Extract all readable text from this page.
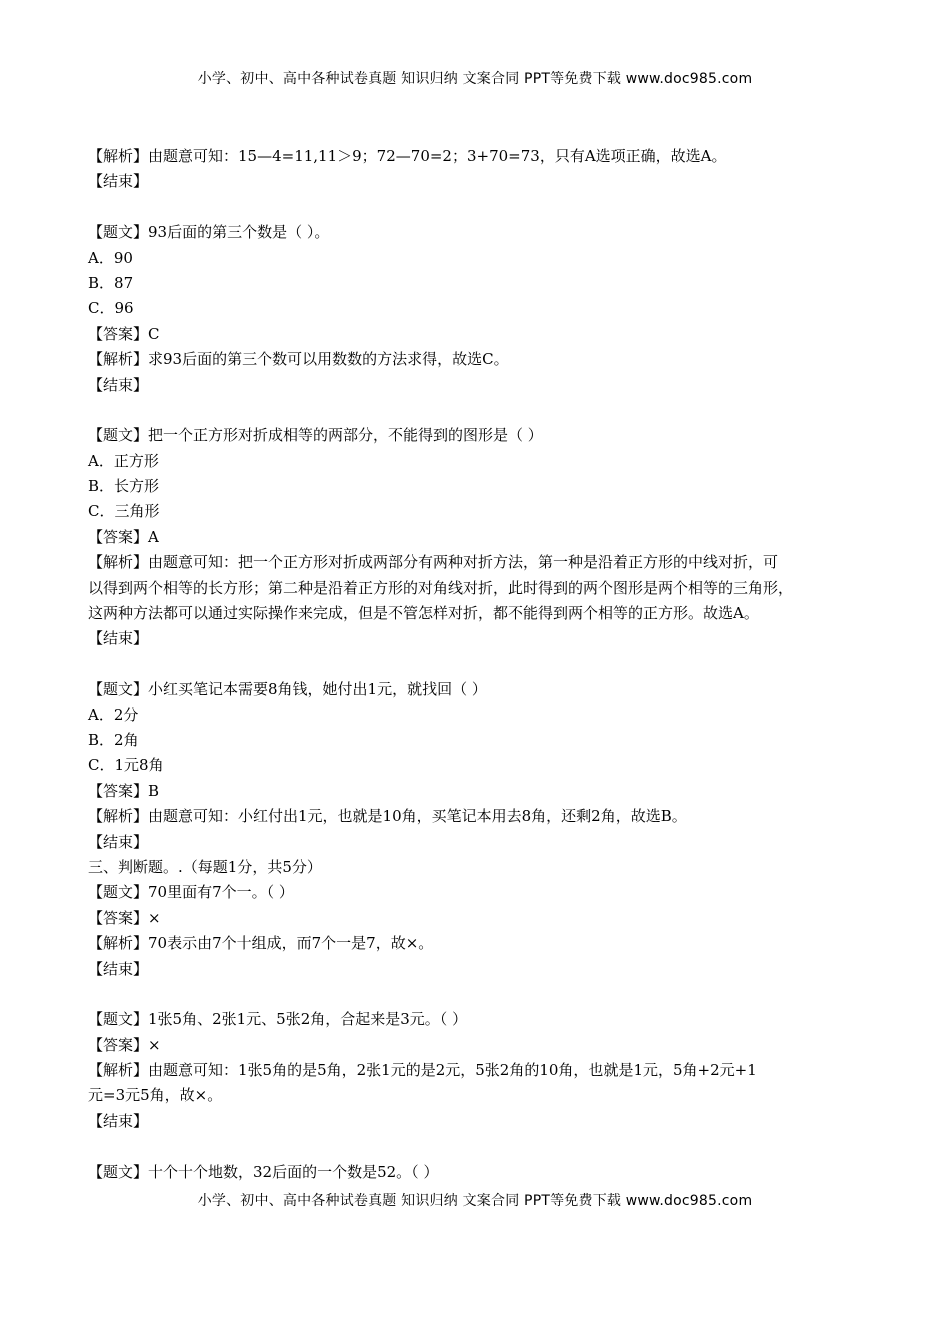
小学、初中、高中各种试卷真题 知识归纳 文案合同 PPT等免费下载 www.doc985.com
【解析】由题意可知：15—4=11,11＞9；72—70=2；3+70=73，只有A选项正确，故选A。
【结束】
【题文】93后面的第三个数是（ ）。
A．90
B．87
C．96
【答案】C
【解析】求93后面的第三个数可以用数数的方法求得，故选C。
【结束】
【题文】把一个正方形对折成相等的两部分，不能得到的图形是（ ）
A．正方形
B．长方形
C．三角形
【答案】A
【解析】由题意可知：把一个正方形对折成两部分有两种对折方法，第一种是沿着正方形的中线对折，可
以得到两个相等的长方形；第二种是沿着正方形的对角线对折，此时得到的两个图形是两个相等的三角形，
这两种方法都可以通过实际操作来完成，但是不管怎样对折，都不能得到两个相等的正方形。故选A。
【结束】
【题文】小红买笔记本需要8角钱，她付出1元，就找回（ ）
A．2分
B．2角
C．1元8角
【答案】B
【解析】由题意可知：小红付出1元，也就是10角，买笔记本用去8角，还剩2角，故选B。
【结束】
三、判断题。.（每题1分，共5分）
【题文】70里面有7个一。（ ）
【答案】×
【解析】70表示由7个十组成，而7个一是7，故×。
【结束】
【题文】1张5角、2张1元、5张2角，合起来是3元。（ ）
【答案】×
【解析】由题意可知：1张5角的是5角，2张1元的是2元，5张2角的10角，也就是1元，5角+2元+1
元=3元5角，故×。
【结束】
【题文】十个十个地数，32后面的一个数是52。（ ）
小学、初中、高中各种试卷真题 知识归纳 文案合同 PPT等免费下载 www.doc985.com
